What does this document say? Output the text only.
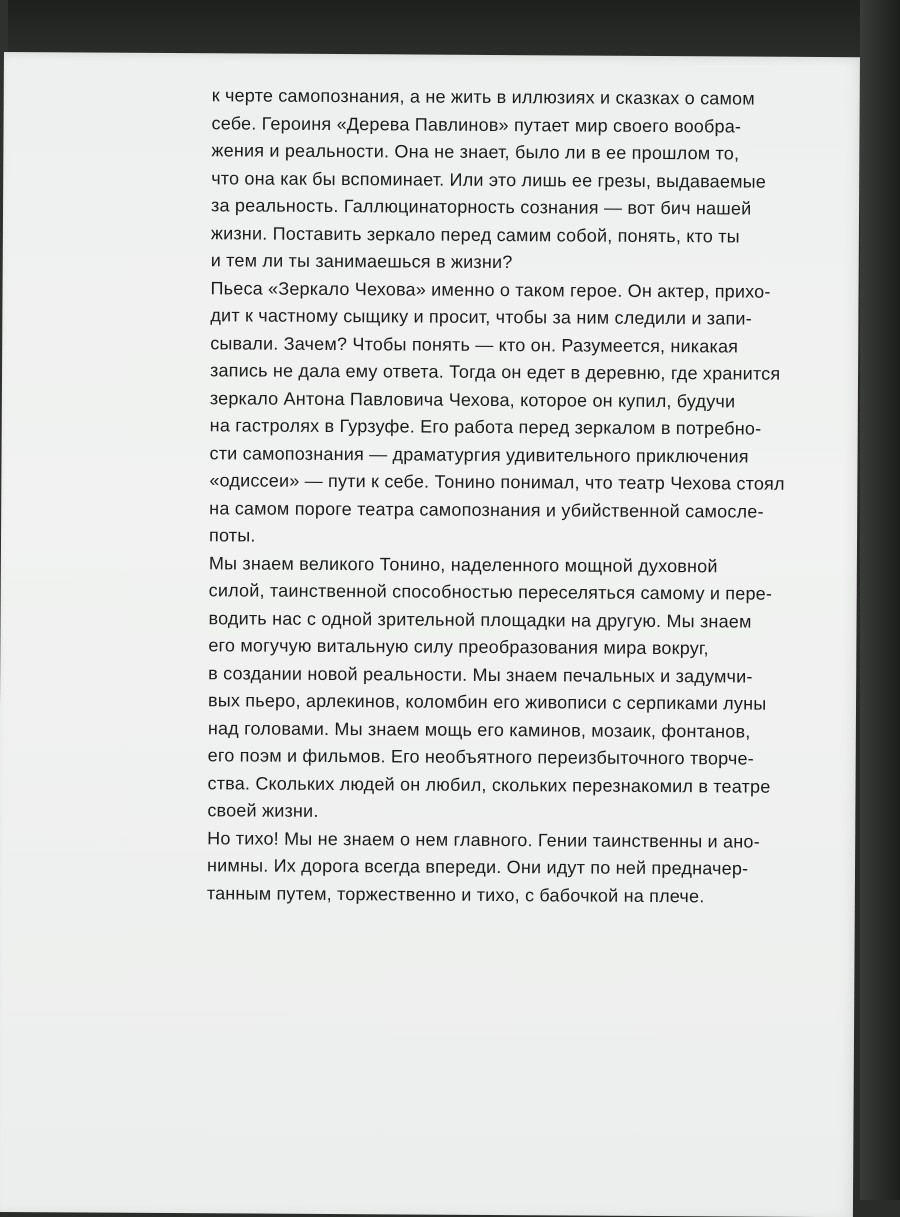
к черте самопознания, а не жить в иллюзиях и сказках о самом
себе. Героиня «Дерева Павлинов» путает мир своего вообра-
жения и реальности. Она не знает, было ли в ее прошлом то,
что она как бы вспоминает. Или это лишь ее грезы, выдаваемые
за реальность. Галлюцинаторность сознания — вот бич нашей
жизни. Поставить зеркало перед самим собой, понять, кто ты
и тем ли ты занимаешься в жизни?
Пьеса «Зеркало Чехова» именно о таком герое. Он актер, прихо-
дит к частному сыщику и просит, чтобы за ним следили и запи-
сывали. Зачем? Чтобы понять — кто он. Разумеется, никакая
запись не дала ему ответа. Тогда он едет в деревню, где хранится
зеркало Антона Павловича Чехова, которое он купил, будучи
на гастролях в Гурзуфе. Его работа перед зеркалом в потребно-
сти самопознания — драматургия удивительного приключения
«одиссеи» — пути к себе. Тонино понимал, что театр Чехова стоял
на самом пороге театра самопознания и убийственной самосле-
поты.
Мы знаем великого Тонино, наделенного мощной духовной
силой, таинственной способностью переселяться самому и пере-
водить нас с одной зрительной площадки на другую. Мы знаем
его могучую витальную силу преобразования мира вокруг,
в создании новой реальности. Мы знаем печальных и задумчи-
вых пьеро, арлекинов, коломбин его живописи с серпиками луны
над головами. Мы знаем мощь его каминов, мозаик, фонтанов,
его поэм и фильмов. Его необъятного переизбыточного творче-
ства. Скольких людей он любил, скольких перезнакомил в театре
своей жизни.
Но тихо! Мы не знаем о нем главного. Гении таинственны и ано-
нимны. Их дорога всегда впереди. Они идут по ней предначер-
танным путем, торжественно и тихо, с бабочкой на плече.
